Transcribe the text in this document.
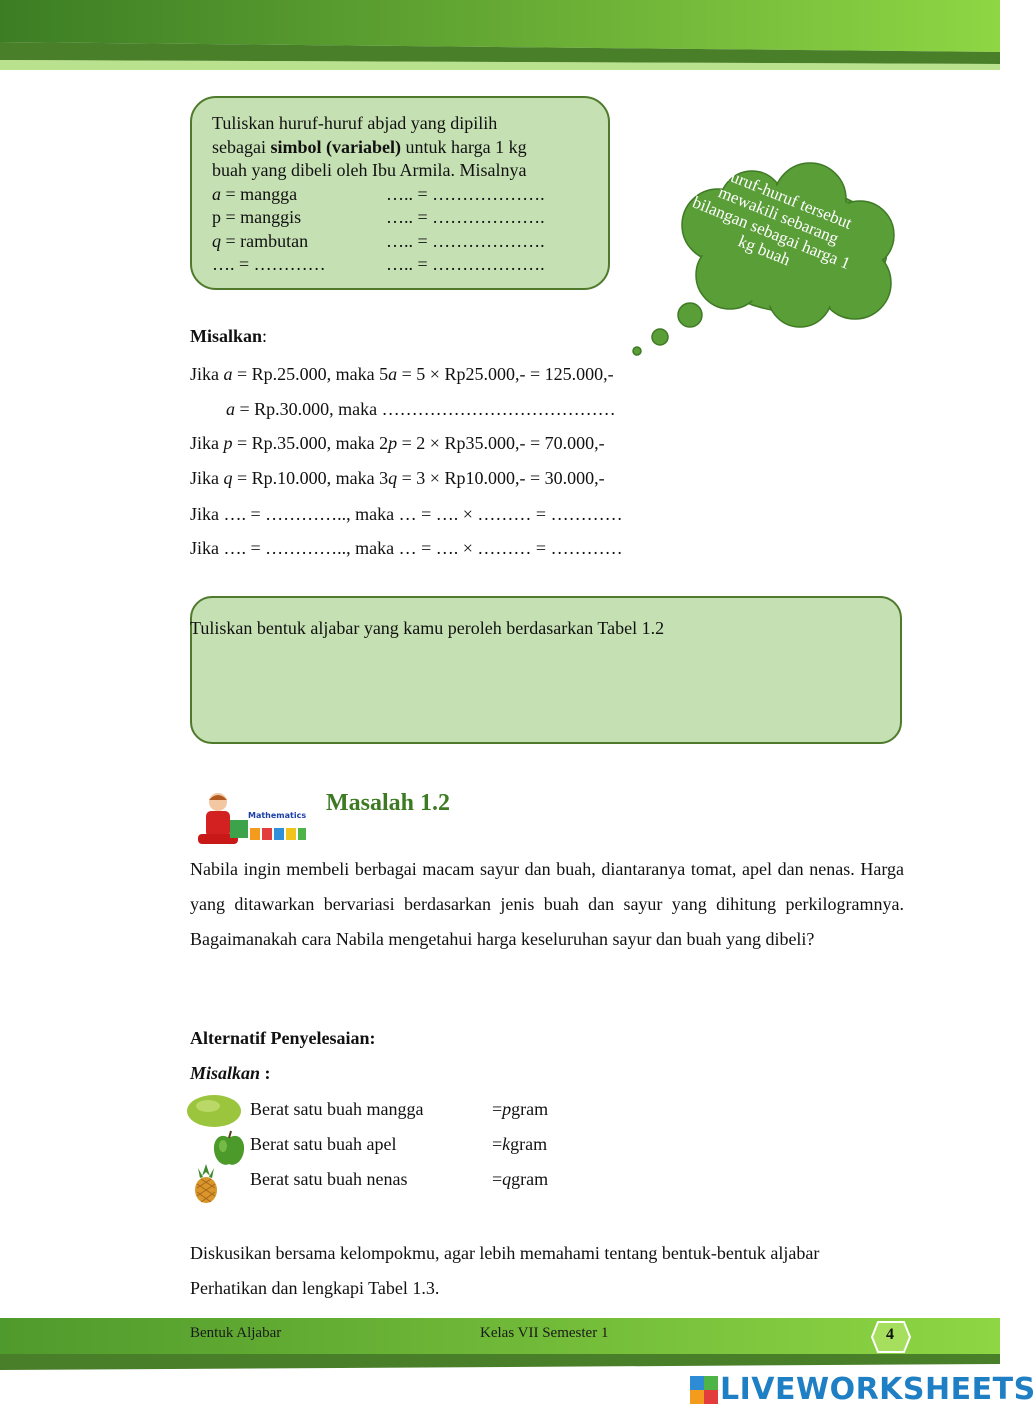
Tuliskan huruf-huruf abjad yang dipilih
sebagai simbol (variabel) untuk harga 1 kg
buah yang dibeli oleh Ibu Armila. Misalnya
a = mangga	….. = ……………….
p = manggis	….. = ……………….
q = rambutan	….. = ……………….
…. = …………	….. = ……………….
Huruf-huruf tersebut mewakili sebarang bilangan sebagai harga 1 kg buah
Misalkan:
Jika a = Rp.25.000, maka 5a = 5 × Rp25.000,- = 125.000,-
a = Rp.30.000, maka …………………………………
Jika p = Rp.35.000, maka 2p = 2 × Rp35.000,- = 70.000,-
Jika q = Rp.10.000, maka 3q = 3 × Rp10.000,- = 30.000,-
Jika …. = ………….., maka … = …. × ……… = …………
Jika …. = ………….., maka … = …. × ……… = …………
Tuliskan bentuk aljabar yang kamu peroleh berdasarkan Tabel 1.2
Mathematics Masalah 1.2
Nabila ingin membeli berbagai macam sayur dan buah, diantaranya tomat, apel dan nenas. Harga yang ditawarkan bervariasi berdasarkan jenis buah dan sayur yang dihitung perkilogramnya. Bagaimanakah cara Nabila mengetahui harga keseluruhan sayur dan buah yang dibeli?
Alternatif Penyelesaian:
Misalkan :
Berat satu buah mangga	= p gram
Berat satu buah apel	= k gram
Berat satu buah nenas	= q gram
Diskusikan bersama kelompokmu, agar lebih memahami tentang bentuk-bentuk aljabar
Perhatikan dan lengkapi Tabel 1.3.
Bentuk Aljabar	Kelas VII Semester 1	4
LIVEWORKSHEETS
